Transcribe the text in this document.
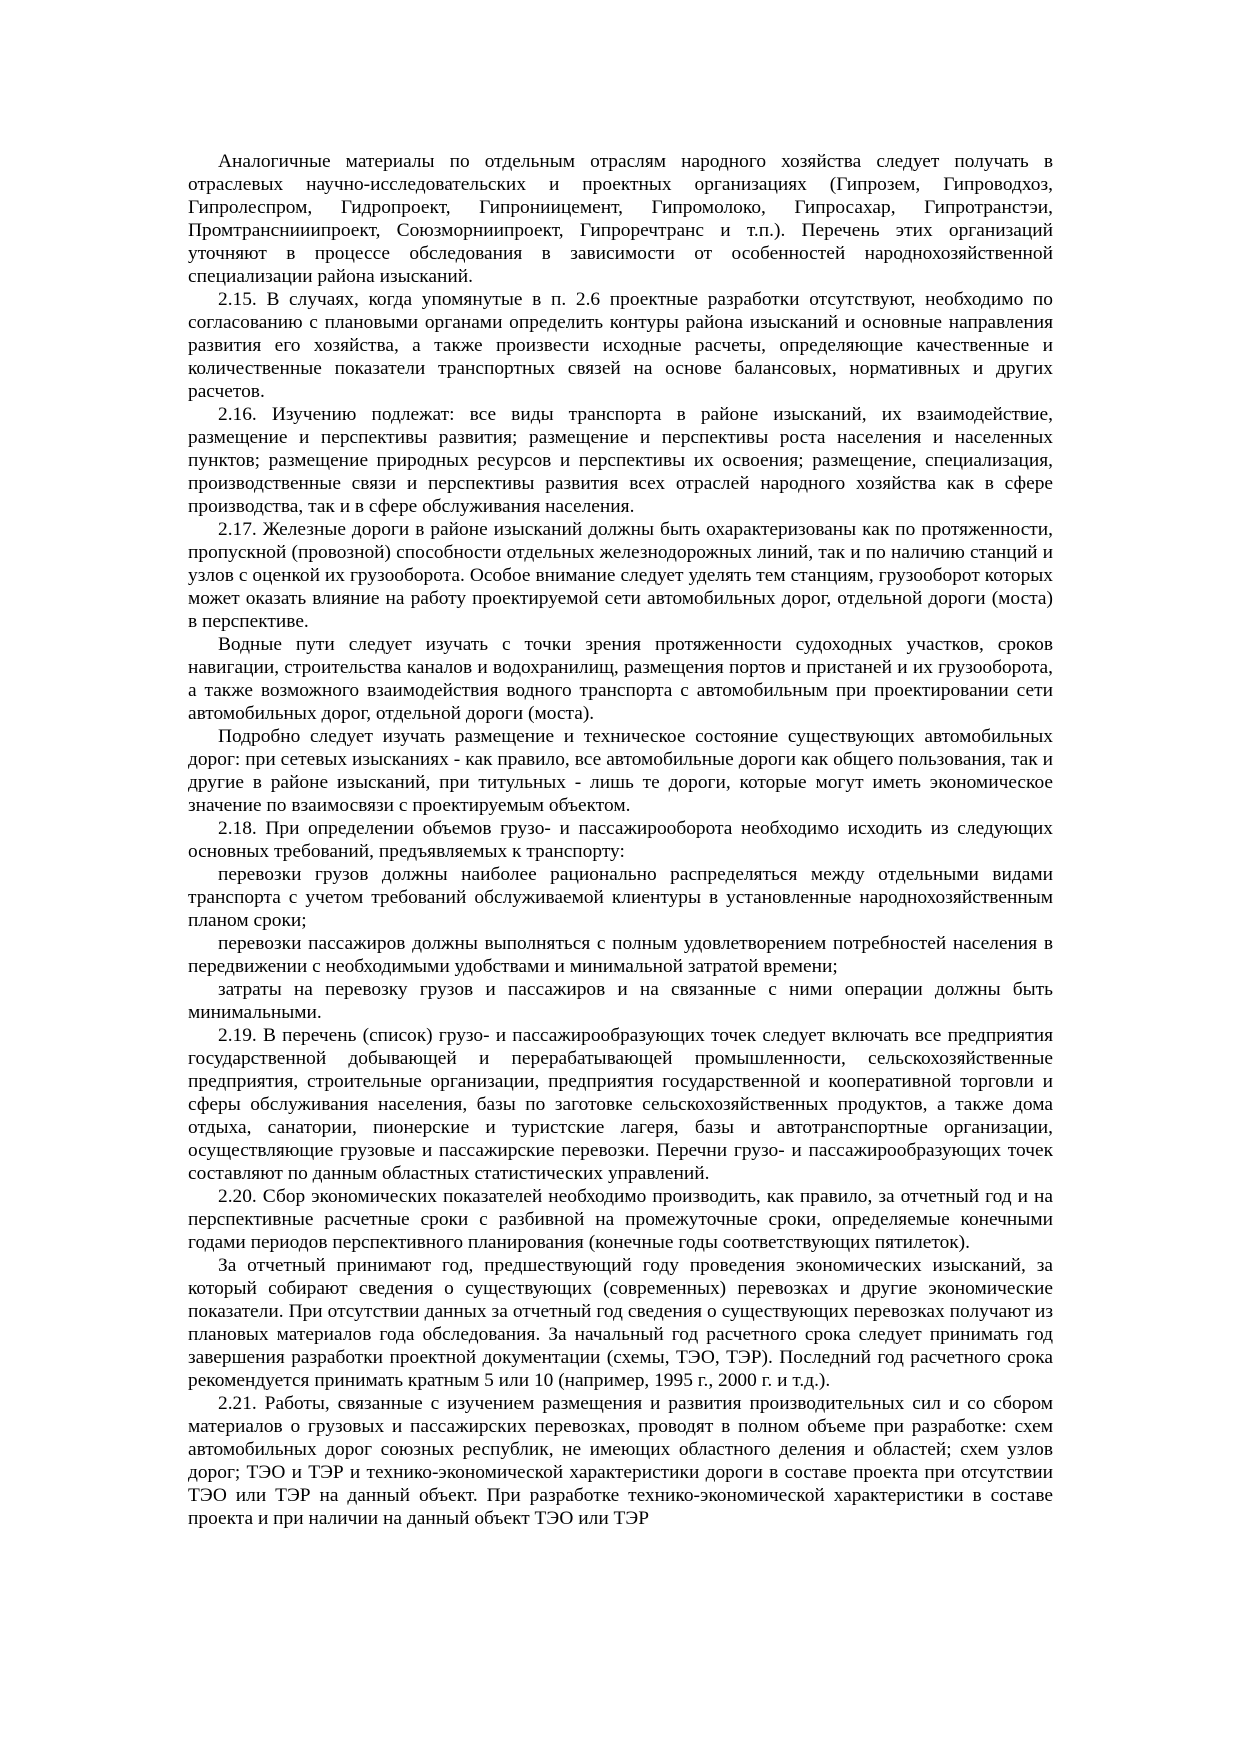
Аналогичные материалы по отдельным отраслям народного хозяйства следует получать в отраслевых научно-исследовательских и проектных организациях (Гипрозем, Гипроводхоз, Гипролеспром, Гидропроект, Гипрониицемент, Гипромолоко, Гипросахар, Гипротранстэи, Промтранснииипроект, Союзморниипроект, Гипроречтранс и т.п.). Перечень этих организаций уточняют в процессе обследования в зависимости от особенностей народнохозяйственной специализации района изысканий.

2.15. В случаях, когда упомянутые в п. 2.6 проектные разработки отсутствуют, необходимо по согласованию с плановыми органами определить контуры района изысканий и основные направления развития его хозяйства, а также произвести исходные расчеты, определяющие качественные и количественные показатели транспортных связей на основе балансовых, нормативных и других расчетов.

2.16. Изучению подлежат: все виды транспорта в районе изысканий, их взаимодействие, размещение и перспективы развития; размещение и перспективы роста населения и населенных пунктов; размещение природных ресурсов и перспективы их освоения; размещение, специализация, производственные связи и перспективы развития всех отраслей народного хозяйства как в сфере производства, так и в сфере обслуживания населения.

2.17. Железные дороги в районе изысканий должны быть охарактеризованы как по протяженности, пропускной (провозной) способности отдельных железнодорожных линий, так и по наличию станций и узлов с оценкой их грузооборота. Особое внимание следует уделять тем станциям, грузооборот которых может оказать влияние на работу проектируемой сети автомобильных дорог, отдельной дороги (моста) в перспективе.

Водные пути следует изучать с точки зрения протяженности судоходных участков, сроков навигации, строительства каналов и водохранилищ, размещения портов и пристаней и их грузооборота, а также возможного взаимодействия водного транспорта с автомобильным при проектировании сети автомобильных дорог, отдельной дороги (моста).

Подробно следует изучать размещение и техническое состояние существующих автомобильных дорог: при сетевых изысканиях - как правило, все автомобильные дороги как общего пользования, так и другие в районе изысканий, при титульных - лишь те дороги, которые могут иметь экономическое значение по взаимосвязи с проектируемым объектом.

2.18. При определении объемов грузо- и пассажирооборота необходимо исходить из следующих основных требований, предъявляемых к транспорту:

перевозки грузов должны наиболее рационально распределяться между отдельными видами транспорта с учетом требований обслуживаемой клиентуры в установленные народнохозяйственным планом сроки;

перевозки пассажиров должны выполняться с полным удовлетворением потребностей населения в передвижении с необходимыми удобствами и минимальной затратой времени;

затраты на перевозку грузов и пассажиров и на связанные с ними операции должны быть минимальными.

2.19. В перечень (список) грузо- и пассажирообразующих точек следует включать все предприятия государственной добывающей и перерабатывающей промышленности, сельскохозяйственные предприятия, строительные организации, предприятия государственной и кооперативной торговли и сферы обслуживания населения, базы по заготовке сельскохозяйственных продуктов, а также дома отдыха, санатории, пионерские и туристские лагеря, базы и автотранспортные организации, осуществляющие грузовые и пассажирские перевозки. Перечни грузо- и пассажирообразующих точек составляют по данным областных статистических управлений.

2.20. Сбор экономических показателей необходимо производить, как правило, за отчетный год и на перспективные расчетные сроки с разбивной на промежуточные сроки, определяемые конечными годами периодов перспективного планирования (конечные годы соответствующих пятилеток).

За отчетный принимают год, предшествующий году проведения экономических изысканий, за который собирают сведения о существующих (современных) перевозках и другие экономические показатели. При отсутствии данных за отчетный год сведения о существующих перевозках получают из плановых материалов года обследования. За начальный год расчетного срока следует принимать год завершения разработки проектной документации (схемы, ТЭО, ТЭР). Последний год расчетного срока рекомендуется принимать кратным 5 или 10 (например, 1995 г., 2000 г. и т.д.).

2.21. Работы, связанные с изучением размещения и развития производительных сил и со сбором материалов о грузовых и пассажирских перевозках, проводят в полном объеме при разработке: схем автомобильных дорог союзных республик, не имеющих областного деления и областей; схем узлов дорог; ТЭО и ТЭР и технико-экономической характеристики дороги в составе проекта при отсутствии ТЭО или ТЭР на данный объект. При разработке технико-экономической характеристики в составе проекта и при наличии на данный объект ТЭО или ТЭР
